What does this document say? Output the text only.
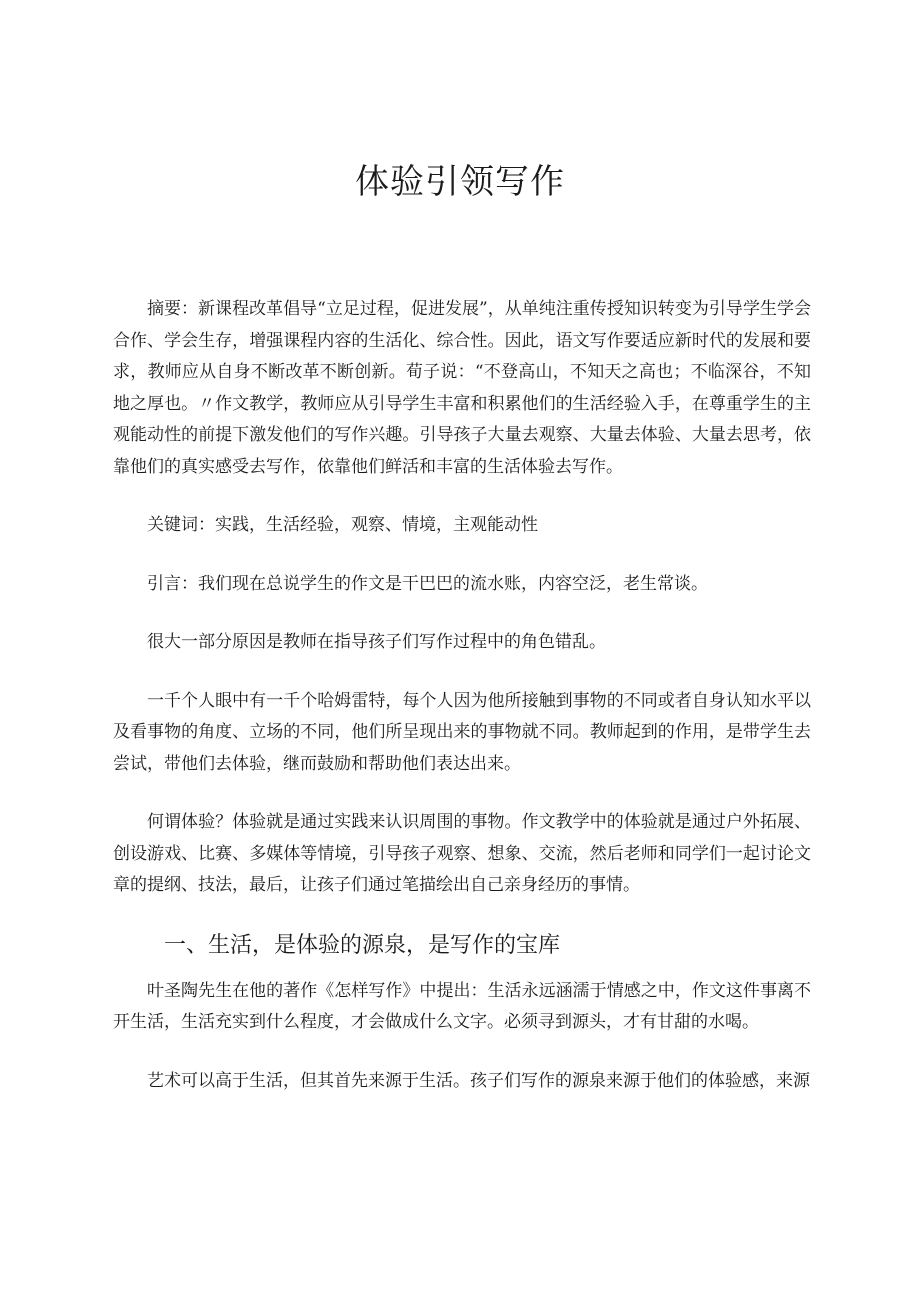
体验引领写作

摘要：新课程改革倡导“立足过程，促进发展”，从单纯注重传授知识转变为引导学生学会合作、学会生存，增强课程内容的生活化、综合性。因此，语文写作要适应新时代的发展和要求，教师应从自身不断改革不断创新。荀子说：“不登高山，不知天之高也；不临深谷，不知地之厚也。〃作文教学，教师应从引导学生丰富和积累他们的生活经验入手，在尊重学生的主观能动性的前提下激发他们的写作兴趣。引导孩子大量去观察、大量去体验、大量去思考，依靠他们的真实感受去写作，依靠他们鲜活和丰富的生活体验去写作。

关键词：实践，生活经验，观察、情境，主观能动性

引言：我们现在总说学生的作文是干巴巴的流水账，内容空泛，老生常谈。

很大一部分原因是教师在指导孩子们写作过程中的角色错乱。

一千个人眼中有一千个哈姆雷特，每个人因为他所接触到事物的不同或者自身认知水平以及看事物的角度、立场的不同，他们所呈现出来的事物就不同。教师起到的作用，是带学生去尝试，带他们去体验，继而鼓励和帮助他们表达出来。

何谓体验？体验就是通过实践来认识周围的事物。作文教学中的体验就是通过户外拓展、创设游戏、比赛、多媒体等情境，引导孩子观察、想象、交流，然后老师和同学们一起讨论文章的提纲、技法，最后，让孩子们通过笔描绘出自己亲身经历的事情。

一、生活，是体验的源泉，是写作的宝库

叶圣陶先生在他的著作《怎样写作》中提出：生活永远涵濡于情感之中，作文这件事离不开生活，生活充实到什么程度，才会做成什么文字。必须寻到源头，才有甘甜的水喝。

艺术可以高于生活，但其首先来源于生活。孩子们写作的源泉来源于他们的体验感，来源
